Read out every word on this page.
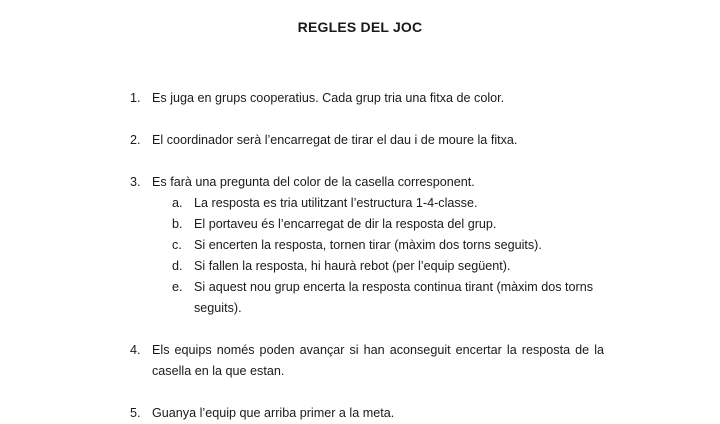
REGLES DEL JOC
1. Es juga en grups cooperatius. Cada grup tria una fitxa de color.
2. El coordinador serà l’encarregat de tirar el dau i de moure la fitxa.
3. Es farà una pregunta del color de la casella corresponent.
a. La resposta es tria utilitzant l’estructura 1-4-classe.
b. El portaveu és l’encarregat de dir la resposta del grup.
c. Si encerten la resposta, tornen tirar (màxim dos torns seguits).
d. Si fallen la resposta, hi haurà rebot (per l’equip següent).
e. Si aquest nou grup encerta la resposta continua tirant (màxim dos torns seguits).
4. Els equips només poden avançar si han aconseguit encertar la resposta de la casella en la que estan.
5. Guanya l’equip que arriba primer a la meta.
